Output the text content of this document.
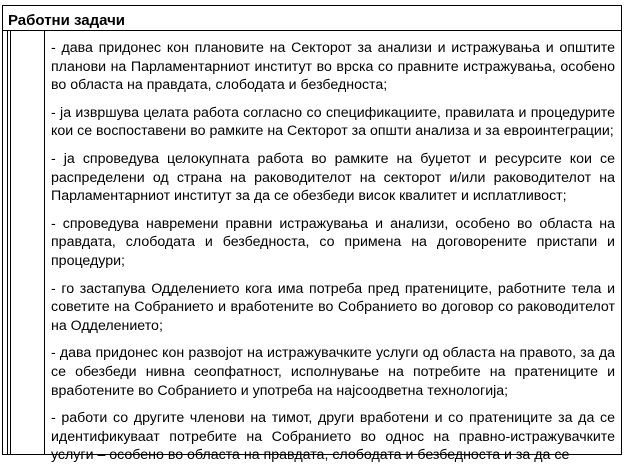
Работни задачи

- дава придонес кон плановите на Секторот за анализи и истражувања и општите планови на Парламентарниот институт во врска со правните истражувања, особено во областа на правдата, слободата и безбедноста;

- ја извршува целата работа согласно со спецификациите, правилата и процедурите кои се воспоставени во рамките на Секторот за општи анализа и за евроинтеграции;

- ја спроведува целокупната работа во рамките на буџетот и ресурсите кои се распределени од страна на раководителот на секторот и/или раководителот на Парламентарниот институт за да се обезбеди висок квалитет и исплатливост;

- спроведува навремени правни истражувања и анализи, особено во областа на правдата, слободата и безбедноста, со примена на договорените пристапи и процедури;

- го застапува Одделението кога има потреба пред пратениците, работните тела и советите на Собранието и вработените во Собранието во договор со раководителот на Одделението;

- дава придонес кон развојот на истражувачките услуги од областа на правото, за да се обезбеди нивна сеопфатност, исполнување на потребите на пратениците и вработените во Собранието и употреба на најсоодветна технологија;

- работи со другите членови на тимот, други вработени и со пратениците за да се идентификуваат потребите на Собранието во однос на правно-истражувачките услуги – особено во областа на правдата, слободата и безбедноста и за да се
